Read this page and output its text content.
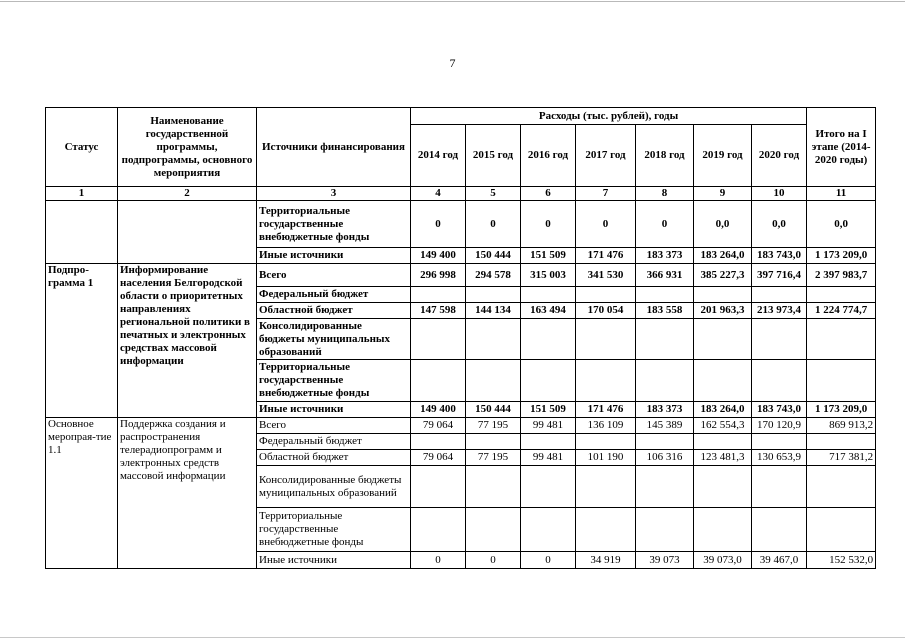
7
Статус	Наименование государственной программы, подпрограммы, основного мероприятия	Источники финансирования	Расходы (тыс. рублей), годы							Итого на I этапе (2014-2020 годы)
			2014 год	2015 год	2016 год	2017 год	2018 год	2019 год	2020 год	
1	2	3	4	5	6	7	8	9	10	11
		Территориальные государственные внебюджетные фонды	0	0	0	0	0	0,0	0,0	0,0
		Иные источники	149 400	150 444	151 509	171 476	183 373	183 264,0	183 743,0	1 173 209,0
Подпро-грамма 1	Информирование населения Белгородской области о приоритетных направлениях региональной политики в печатных и электронных средствах массовой информации	Всего	296 998	294 578	315 003	341 530	366 931	385 227,3	397 716,4	2 397 983,7
		Федеральный бюджет								
		Областной бюджет	147 598	144 134	163 494	170 054	183 558	201 963,3	213 973,4	1 224 774,7
		Консолидированные бюджеты муниципальных образований								
		Территориальные государственные внебюджетные фонды								
		Иные источники	149 400	150 444	151 509	171 476	183 373	183 264,0	183 743,0	1 173 209,0
Основное меропрая-тие 1.1	Поддержка создания и распространения телерадиопрограмм и электронных средств массовой информации	Всего	79 064	77 195	99 481	136 109	145 389	162 554,3	170 120,9	869 913,2
		Федеральный бюджет								
		Областной бюджет	79 064	77 195	99 481	101 190	106 316	123 481,3	130 653,9	717 381,2
		Консолидированные бюджеты муниципальных образований								
		Территориальные государственные внебюджетные фонды								
		Иные источники	0	0	0	34 919	39 073	39 073,0	39 467,0	152 532,0
